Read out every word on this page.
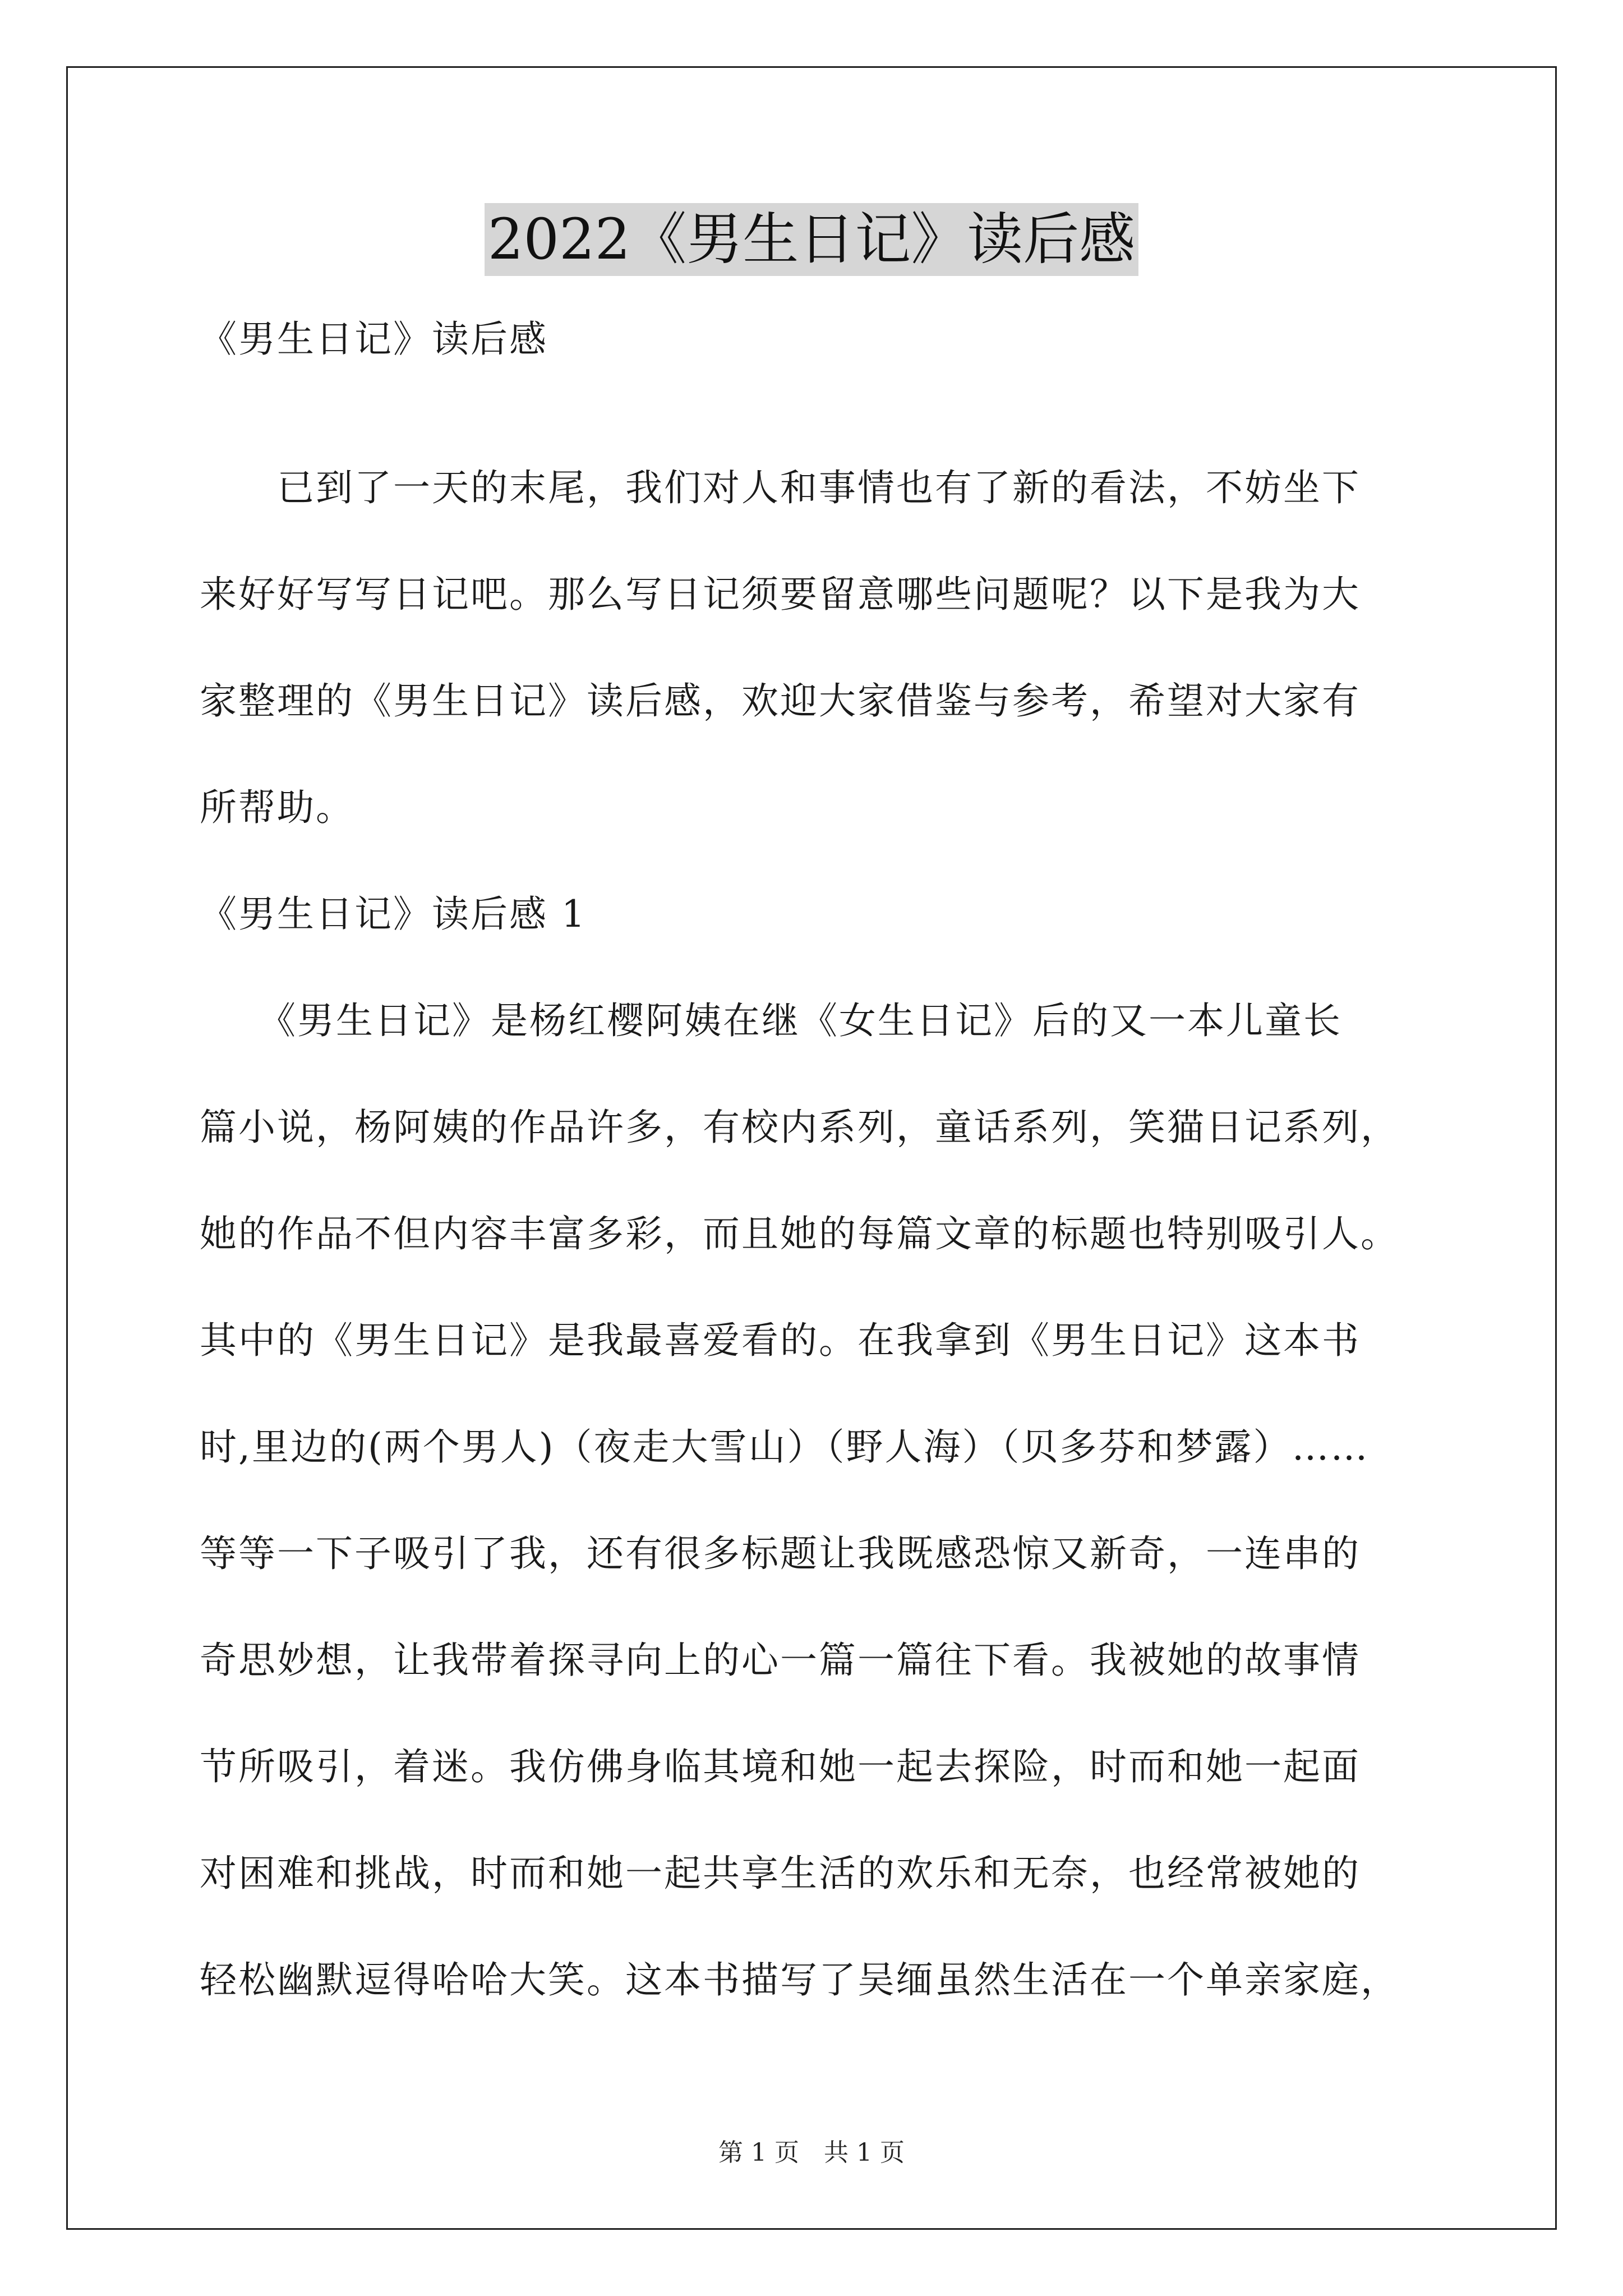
2022《男生日记》读后感
《男生日记》读后感
　　已到了一天的末尾，我们对人和事情也有了新的看法，不妨坐下
来好好写写日记吧。那么写日记须要留意哪些问题呢？以下是我为大
家整理的《男生日记》读后感，欢迎大家借鉴与参考，希望对大家有
所帮助。
《男生日记》读后感 1
　　《男生日记》是杨红樱阿姨在继《女生日记》后的又一本儿童长
篇小说，杨阿姨的作品许多，有校内系列，童话系列，笑猫日记系列，
她的作品不但内容丰富多彩，而且她的每篇文章的标题也特别吸引人。
其中的《男生日记》是我最喜爱看的。在我拿到《男生日记》这本书
时,里边的(两个男人)（夜走大雪山）（野人海）（贝多芬和梦露）……
等等一下子吸引了我，还有很多标题让我既感恐惊又新奇，一连串的
奇思妙想，让我带着探寻向上的心一篇一篇往下看。我被她的故事情
节所吸引，着迷。我仿佛身临其境和她一起去探险，时而和她一起面
对困难和挑战，时而和她一起共享生活的欢乐和无奈，也经常被她的
轻松幽默逗得哈哈大笑。这本书描写了吴缅虽然生活在一个单亲家庭，
第 1 页　共 1 页
